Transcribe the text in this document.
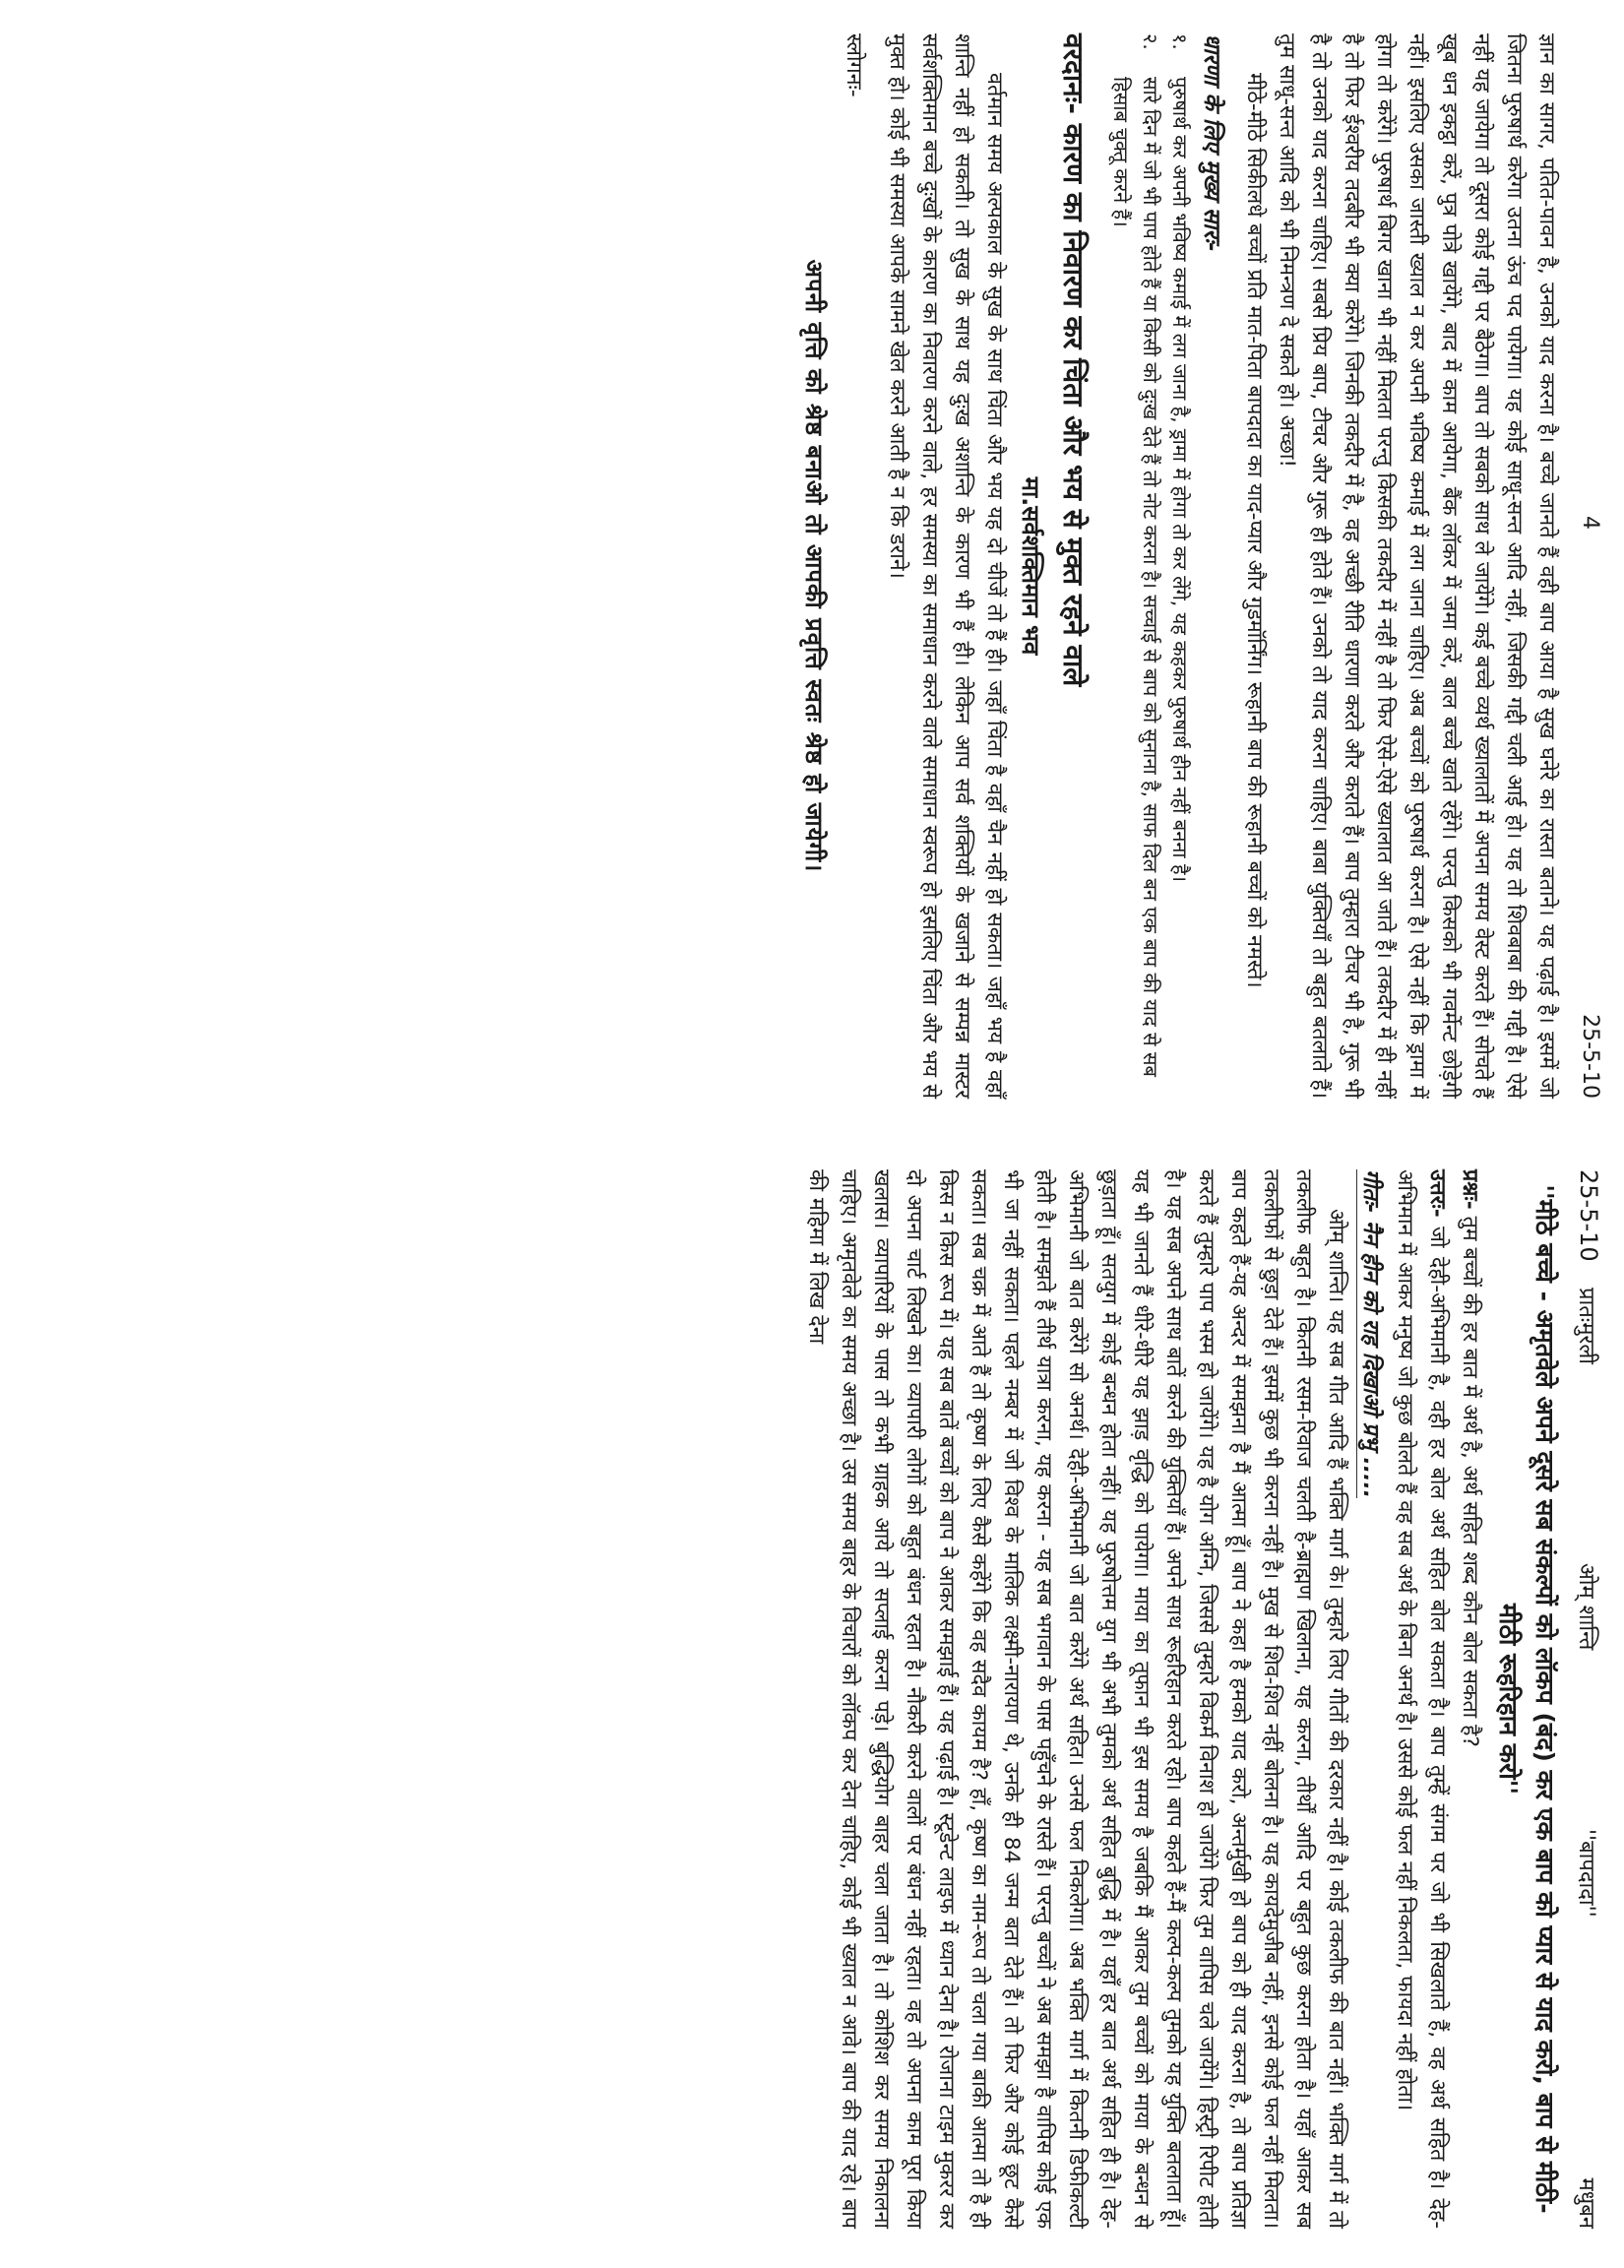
4
25-5-10

ज्ञान का सागर, पतित-पावन है, उनको याद करना है। बच्चे जानते हैं वही बाप आया है सुख घनेरे का रास्ता बताने। यह पढ़ाई है। इसमें जो जितना पुरुषार्थ करेगा उतना ऊंच पद पायेगा। यह कोई साधू-सन्त आदि नहीं, जिसकी गद्दी चली आई हो। यह तो शिवबाबा की गद्दी है। ऐसे नहीं यह जायेगा तो दूसरा कोई गद्दी पर बैठेगा। बाप तो सबको साथ ले जायेंगे। कई बच्चे व्यर्थ ख्यालातों में अपना समय वेस्ट करते हैं। सोचते हैं खूब धन इकट्ठा करें, पुत्र पोत्रे खायेंगे, बाद में काम आयेगा, बैंक लॉकर में जमा करें, बाल बच्चे खाते रहेंगे। परन्तु किसको भी गवर्मेन्ट छोड़ेगी नहीं। इसलिए उसका जास्ती ख्याल न कर अपनी भविष्य कमाई में लग जाना चाहिए। अब बच्चों को पुरुषार्थ करना है। ऐसे नहीं कि ड्रामा में होगा तो करेंगे। पुरुषार्थ बिगर खाना भी नहीं मिलता परन्तु किसकी तकदीर में नहीं है तो फिर ऐसे-ऐसे ख्यालात आ जाते हैं। तकदीर में ही नहीं है तो फिर ईश्वरीय तदबीर भी क्या करेंगे। जिनकी तकदीर में है, वह अच्छी रीति धारणा करते और कराते हैं। बाप तुम्हारा टीचर भी है, गुरू भी है तो उनको याद करना चाहिए। सबसे प्रिय बाप, टीचर और गुरू ही होते हैं। उनको तो याद करना चाहिए। बाबा युक्तियाँ तो बहुत बतलाते हैं। तुम साधू-सन्त आदि को भी निमन्त्रण दे सकते हो। अच्छा!

मीठे-मीठे सिकीलधे बच्चों प्रति मात-पिता बापदादा का याद-प्यार और गुडमॉर्निंग। रूहानी बाप की रूहानी बच्चों को नमस्ते।

धारणा के लिए मुख्य सारः-
१.
पुरुषार्थ कर अपनी भविष्य कमाई में लग जाना है, ड्रामा में होगा तो कर लेंगे, यह कहकर पुरुषार्थ हीन नहीं बनना है।
२.
सारे दिन में जो भी पाप होते हैं या किसी को दुःख देते हैं तो नोट करना है। सच्चाई से बाप को सुनाना है, साफ दिल बन एक बाप की याद से सब हिसाब चुक्तू करने हैं।
वरदानः- कारण का निवारण कर चिंता और भय से मुक्त रहने वाले
मा.सर्वशक्तिमान भव

वर्तमान समय अल्पकाल के सुख के साथ चिंता और भय यह दो चीजें तो हैं ही। जहाँ चिंता है वहाँ चैन नहीं हो सकता। जहाँ भय है वहाँ शान्ति नहीं हो सकती। तो सुख के साथ यह दुःख अशान्ति के कारण भी हैं ही। लेकिन आप सर्व शक्तियों के खजाने से सम्पन्न मास्टर सर्वशक्तिमान बच्चे दुःखों के कारण का निवारण करने वाले, हर समस्या का समाधान करने वाले समाधान स्वरूप हो इसलिए चिंता और भय से मुक्त हो। कोई भी समस्या आपके सामने खेल करने आती है न कि डराने।

स्लोगनः-
अपनी वृत्ति को श्रेष्ठ बनाओ तो आपकी प्रवृत्ति स्वतः श्रेष्ठ हो जायेगी।
25-5-10
प्रातःमुरली
ओम् शान्ति
''बापदादा''
मधुबन

''मीठे बच्चे - अमृतवेले अपने दूसरे सब संकल्पों को लॉकप (बंद) कर एक बाप को प्यार से याद करो, बाप से मीठी-मीठी रूहरिहान करो''

प्रश्नः- तुम बच्चों की हर बात में अर्थ है, अर्थ सहित शब्द कौन बोल सकता है?

उत्तरः- जो देही-अभिमानी है, वही हर बोल अर्थ सहित बोल सकता है। बाप तुम्हें संगम पर जो भी सिखलाते हैं, वह अर्थ सहित है। देह-अभिमान में आकर मनुष्य जो कुछ बोलते हैं वह सब अर्थ के बिना अनर्थ है। उससे कोई फल नहीं निकलता, फायदा नहीं होता।

गीतः- नैन हीन को राह दिखाओ प्रभु .....

ओम् शान्ति। यह सब गीत आदि हैं भक्ति मार्ग के। तुम्हारे लिए गीतों की दरकार नहीं है। कोई तकलीफ की बात नहीं। भक्ति मार्ग में तो तकलीफ बहुत है। कितनी रसम-रिवाज चलती है-ब्राह्मण खिलाना, यह करना, तीर्थों आदि पर बहुत कुछ करना होता है। यहाँ आकर सब तकलीफों से छुड़ा देते हैं। इसमें कुछ भी करना नहीं है। मुख से शिव-शिव नहीं बोलना है। यह कायदेमुजीब नहीं, इनसे कोई फल नहीं मिलता। बाप कहते हैं-यह अन्दर में समझना है मैं आत्मा हूँ। बाप ने कहा है हमको याद करो, अन्तर्मुखी हो बाप को ही याद करना है, तो बाप प्रतिज्ञा करते हैं तुम्हारे पाप भस्म हो जायेंगे। यह है योग अग्नि, जिससे तुम्हारे विकर्म विनाश हो जायेंगे फिर तुम वापिस चले जायेंगे। हिस्ट्री रिपीट होती है। यह सब अपने साथ बातें करने की युक्तियाँ हैं। अपने साथ रूहरिहान करते रहो। बाप कहते हैं-मैं कल्प-कल्प तुमको यह युक्ति बतलाता हूँ। यह भी जानते हैं धीरे-धीरे यह झाड़ वृद्धि को पायेगा। माया का तूफान भी इस समय है जबकि मैं आकर तुम बच्चों को माया के बन्धन से छुड़ाता हूँ। सतयुग में कोई बन्धन होता नहीं। यह पुरुषोत्तम युग भी अभी तुमको अर्थ सहित बुद्धि में है। यहाँ हर बात अर्थ सहित ही है। देह-अभिमानी जो बात करेंगे सो अनर्थ। देही-अभिमानी जो बात करेंगे अर्थ सहित। उनसे फल निकलेगा। अब भक्ति मार्ग में कितनी डिफीकल्टी होती है। समझते हैं तीर्थ यात्रा करना, यह करना - यह सब भगवान के पास पहुँचने के रास्ते हैं। परन्तु बच्चों ने अब समझा है वापिस कोई एक भी जा नहीं सकता। पहले नम्बर में जो विश्व के मालिक लक्ष्मी-नारायण थे, उनके ही 84 जन्म बता देते हैं। तो फिर और कोई छूट कैसे सकता। सब चक्र में आते हैं तो कृष्ण के लिए कैसे कहेंगे कि वह सदैव कायम है? हाँ, कृष्ण का नाम-रूप तो चला गया बाकी आत्मा तो है ही किस न किस रूप में। यह सब बातें बच्चों को बाप ने आकर समझाई हैं। यह पढ़ाई है। स्टूडेन्ट लाइफ में ध्यान देना है। रोजाना टाइम मुकरर कर दो अपना चार्ट लिखने का। व्यापारी लोगों को बहुत बंधन रहता है। नौकरी करने वालों पर बंधन नहीं रहता। वह तो अपना काम पूरा किया खलास। व्यापारियों के पास तो कभी ग्राहक आये तो सप्लाई करना पड़े। बुद्धियोग बाहर चला जाता है। तो कोशिश कर समय निकालना चाहिए। अमृतवेले का समय अच्छा है। उस समय बाहर के विचारों को लॉकप कर देना चाहिए, कोई भी ख्याल न आवे। बाप की याद रहे। बाप की महिमा में लिख देना
